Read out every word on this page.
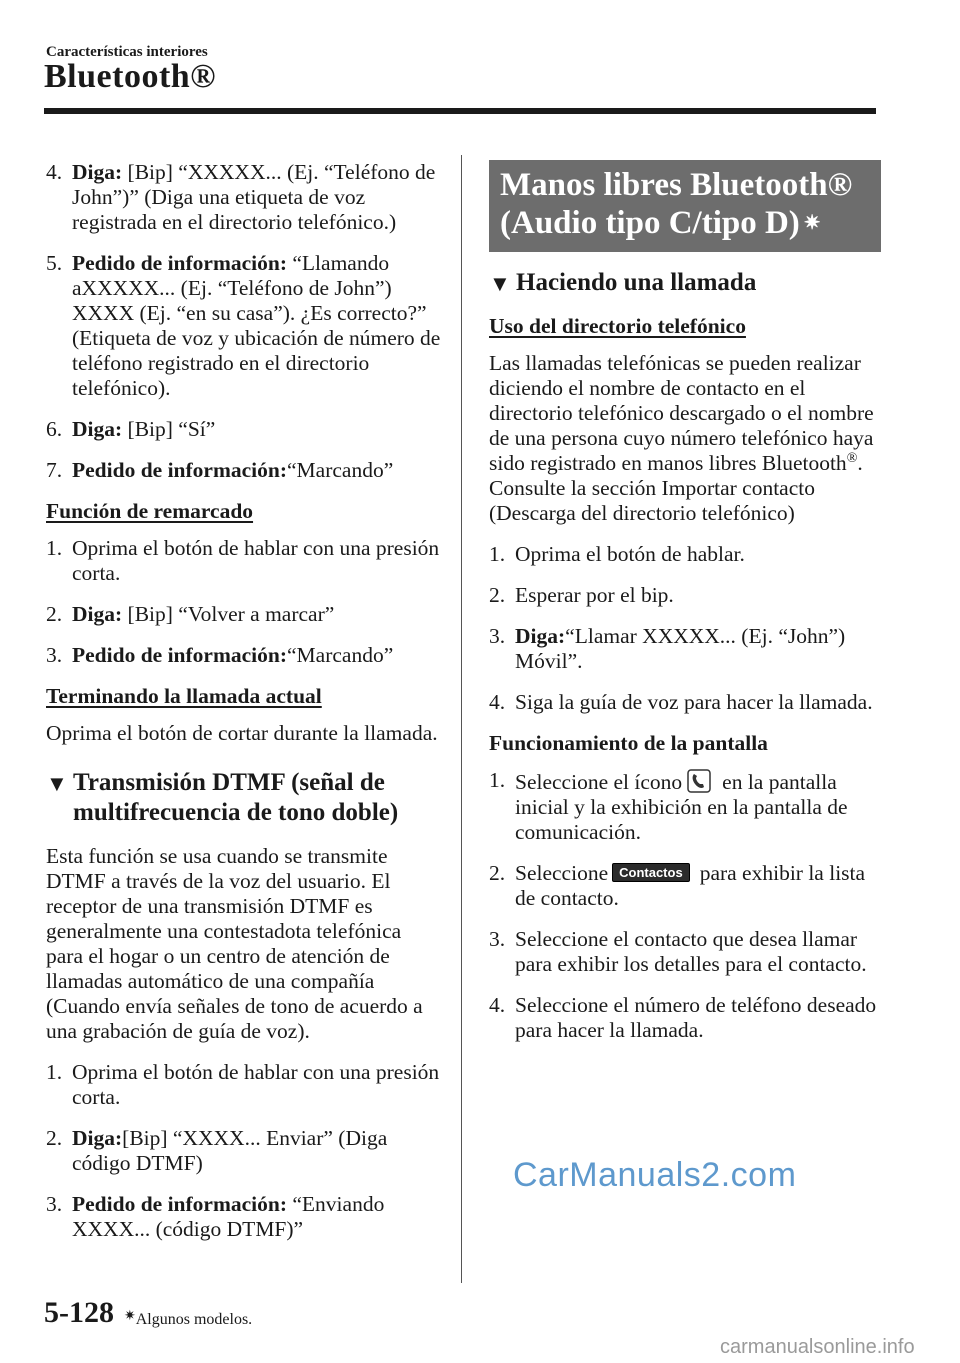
Características interiores
Bluetooth®
4. Diga: [Bip] “XXXXX... (Ej. “Teléfono de John”)” (Diga una etiqueta de voz registrada en el directorio telefónico.)
5. Pedido de información: “Llamando aXXXXX... (Ej. “Teléfono de John”) XXXX (Ej. “en su casa”). ¿Es correcto?” (Etiqueta de voz y ubicación de número de teléfono registrado en el directorio telefónico).
6. Diga: [Bip] “Sí”
7. Pedido de información:“Marcando”
Función de remarcado
1. Oprima el botón de hablar con una presión corta.
2. Diga: [Bip] “Volver a marcar”
3. Pedido de información:“Marcando”
Terminando la llamada actual
Oprima el botón de cortar durante la llamada.
▼ Transmisión DTMF (señal de multifrecuencia de tono doble)
Esta función se usa cuando se transmite DTMF a través de la voz del usuario. El receptor de una transmisión DTMF es generalmente una contestadota telefónica para el hogar o un centro de atención de llamadas automático de una compañía (Cuando envía señales de tono de acuerdo a una grabación de guía de voz).
1. Oprima el botón de hablar con una presión corta.
2. Diga:[Bip] “XXXX... Enviar” (Diga código DTMF)
3. Pedido de información: “Enviando XXXX... (código DTMF)”
Manos libres Bluetooth®
(Audio tipo C/tipo D) ✷
▼ Haciendo una llamada
Uso del directorio telefónico
Las llamadas telefónicas se pueden realizar diciendo el nombre de contacto en el directorio telefónico descargado o el nombre de una persona cuyo número telefónico haya sido registrado en manos libres Bluetooth®. Consulte la sección Importar contacto (Descarga del directorio telefónico)
1. Oprima el botón de hablar.
2. Esperar por el bip.
3. Diga:“Llamar XXXXX... (Ej. “John”) Móvil”.
4. Siga la guía de voz para hacer la llamada.
Funcionamiento de la pantalla
1. Seleccione el ícono en la pantalla inicial y la exhibición en la pantalla de comunicación.
2. Seleccione Contactos para exhibir la lista de contacto.
3. Seleccione el contacto que desea llamar para exhibir los detalles para el contacto.
4. Seleccione el número de teléfono deseado para hacer la llamada.
CarManuals2.com
5-128 ✷Algunos modelos.
carmanualsonline.info
